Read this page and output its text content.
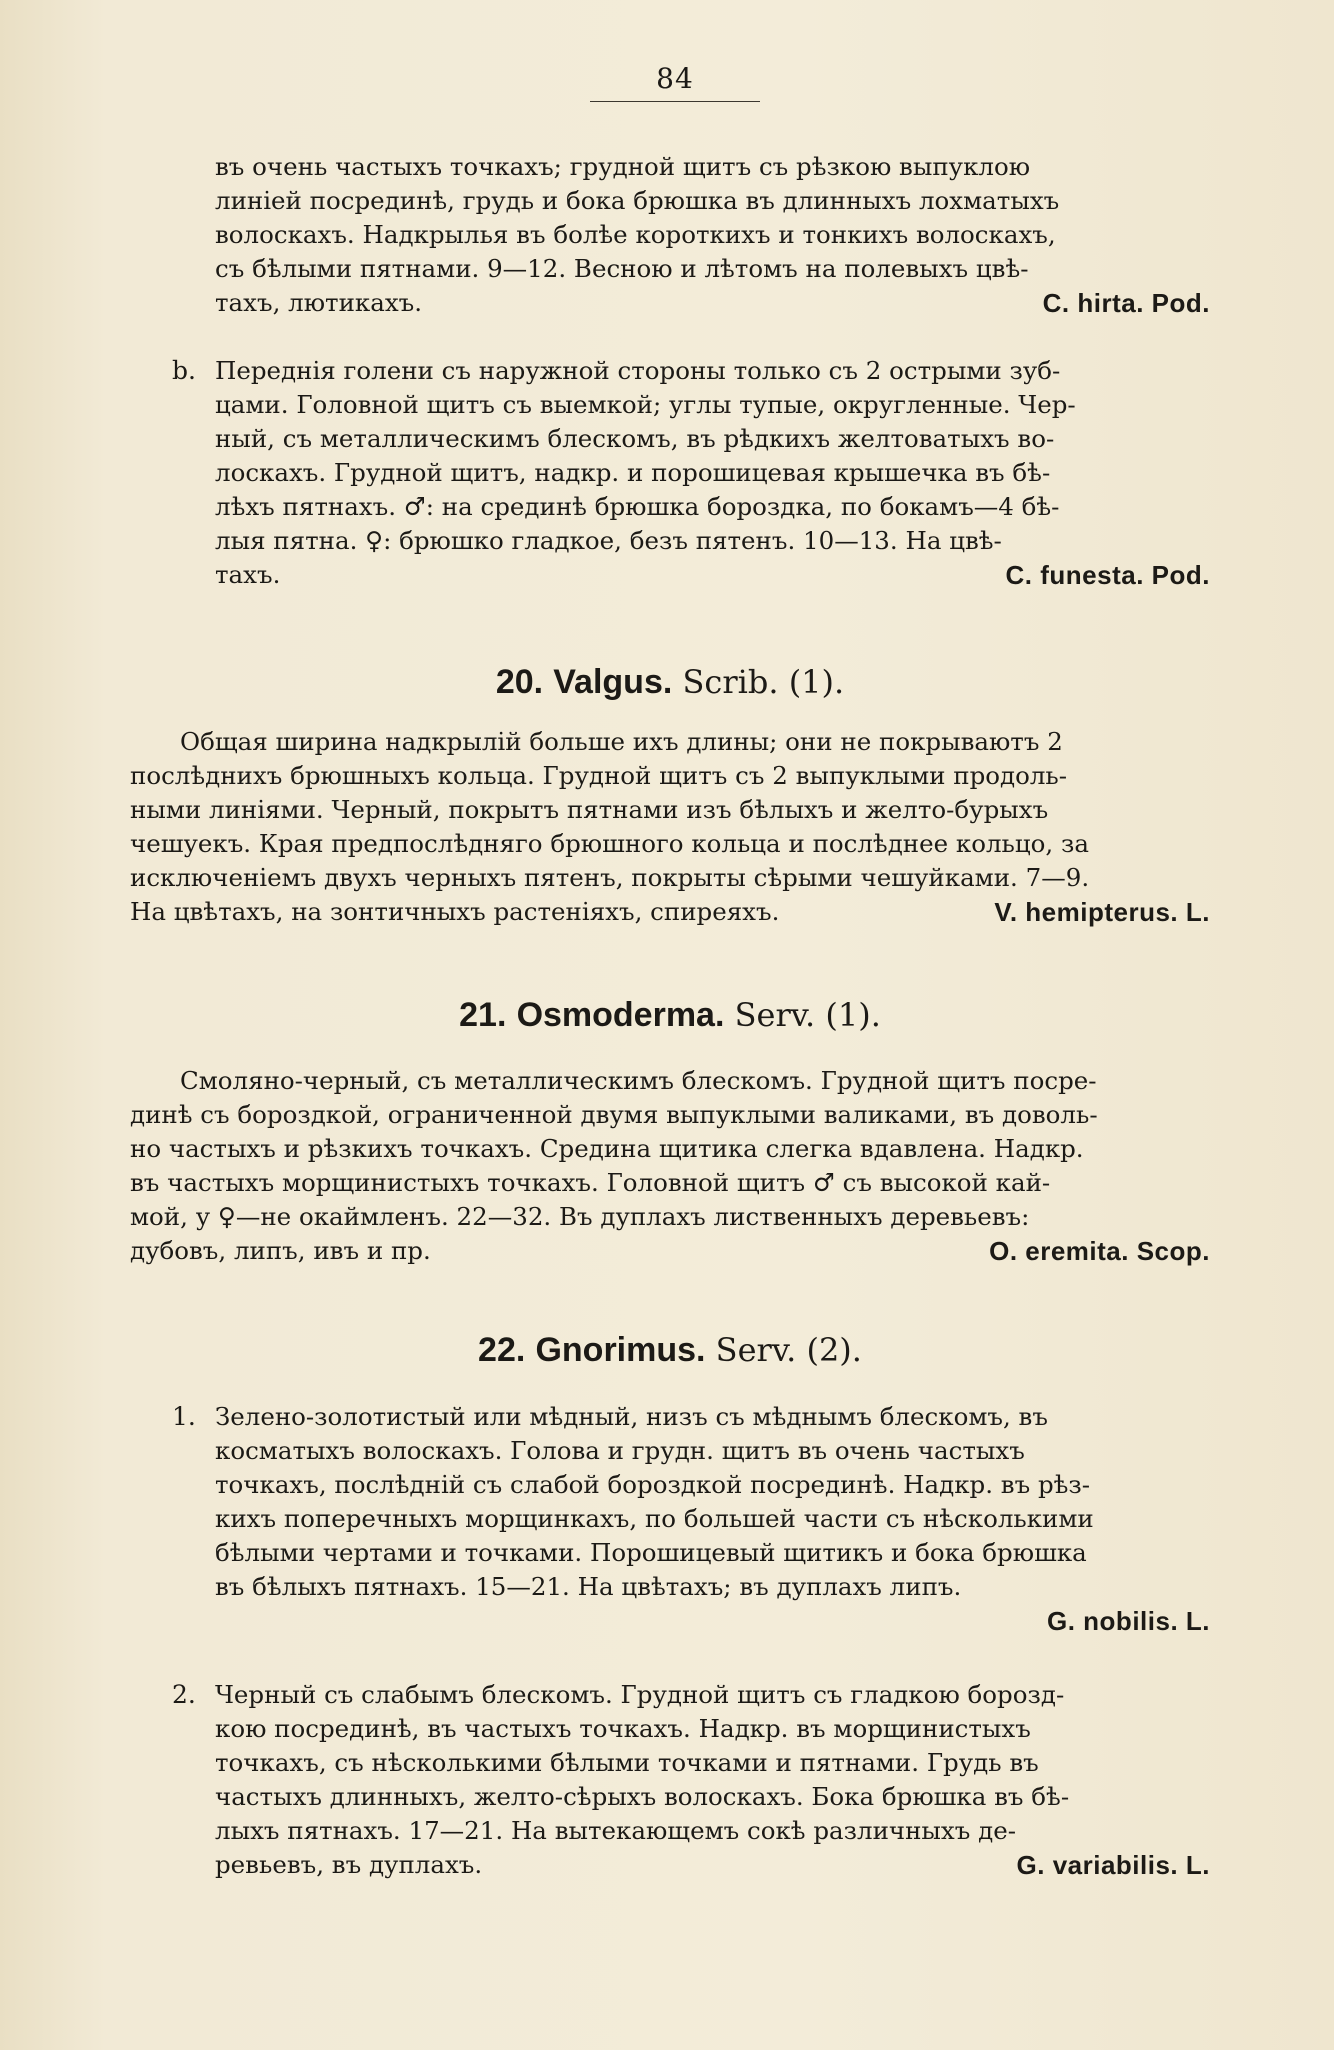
84
въ очень частыхъ точкахъ; грудной щитъ съ рѣзкою выпуклою
линіей посрединѣ, грудь и бока брюшка въ длинныхъ лохматыхъ
волоскахъ. Надкрылья въ болѣе короткихъ и тонкихъ волоскахъ,
съ бѣлыми пятнами. 9—12. Весною и лѣтомъ на полевыхъ цвѣ-
тахъ, лютикахъ.	C. hirta. Pod.
b. Переднія голени съ наружной стороны только съ 2 острыми зуб-
цами. Головной щитъ съ выемкой; углы тупые, округленные. Чер-
ный, съ металлическимъ блескомъ, въ рѣдкихъ желтоватыхъ во-
лоскахъ. Грудной щитъ, надкр. и порошицевая крышечка въ бѣ-
лѣхъ пятнахъ. ♂: на срединѣ брюшка бороздка, по бокамъ—4 бѣ-
лыя пятна. ♀: брюшко гладкое, безъ пятенъ. 10—13. На цвѣ-
тахъ.	C. funesta. Pod.
20. Valgus. Scrib. (1).
Общая ширина надкрылій больше ихъ длины; они не покрываютъ 2
послѣднихъ брюшныхъ кольца. Грудной щитъ съ 2 выпуклыми продоль-
ными линіями. Черный, покрытъ пятнами изъ бѣлыхъ и желто-бурыхъ
чешуекъ. Края предпослѣдняго брюшного кольца и послѣднее кольцо, за
исключеніемъ двухъ черныхъ пятенъ, покрыты сѣрыми чешуйками. 7—9.
На цвѣтахъ, на зонтичныхъ растеніяхъ, спиреяхъ.	V. hemipterus. L.
21. Osmoderma. Serv. (1).
Смоляно-черный, съ металлическимъ блескомъ. Грудной щитъ посре-
динѣ съ бороздкой, ограниченной двумя выпуклыми валиками, въ доволь-
но частыхъ и рѣзкихъ точкахъ. Средина щитика слегка вдавлена. Надкр.
въ частыхъ морщинистыхъ точкахъ. Головной щитъ ♂ съ высокой кай-
мой, у ♀—не окаймленъ. 22—32. Въ дуплахъ лиственныхъ деревьевъ:
дубовъ, липъ, ивъ и пр.	O. eremita. Scop.
22. Gnorimus. Serv. (2).
1. Зелено-золотистый или мѣдный, низъ съ мѣднымъ блескомъ, въ
косматыхъ волоскахъ. Голова и грудн. щитъ въ очень частыхъ
точкахъ, послѣдній съ слабой бороздкой посрединѣ. Надкр. въ рѣз-
кихъ поперечныхъ морщинкахъ, по большей части съ нѣсколькими
бѣлыми чертами и точками. Порошицевый щитикъ и бока брюшка
въ бѣлыхъ пятнахъ. 15—21. На цвѣтахъ; въ дуплахъ липъ.
G. nobilis. L.
2. Черный съ слабымъ блескомъ. Грудной щитъ съ гладкою борозд-
кою посрединѣ, въ частыхъ точкахъ. Надкр. въ морщинистыхъ
точкахъ, съ нѣсколькими бѣлыми точками и пятнами. Грудь въ
частыхъ длинныхъ, желто-сѣрыхъ волоскахъ. Бока брюшка въ бѣ-
лыхъ пятнахъ. 17—21. На вытекающемъ сокѣ различныхъ де-
ревьевъ, въ дуплахъ.	G. variabilis. L.
